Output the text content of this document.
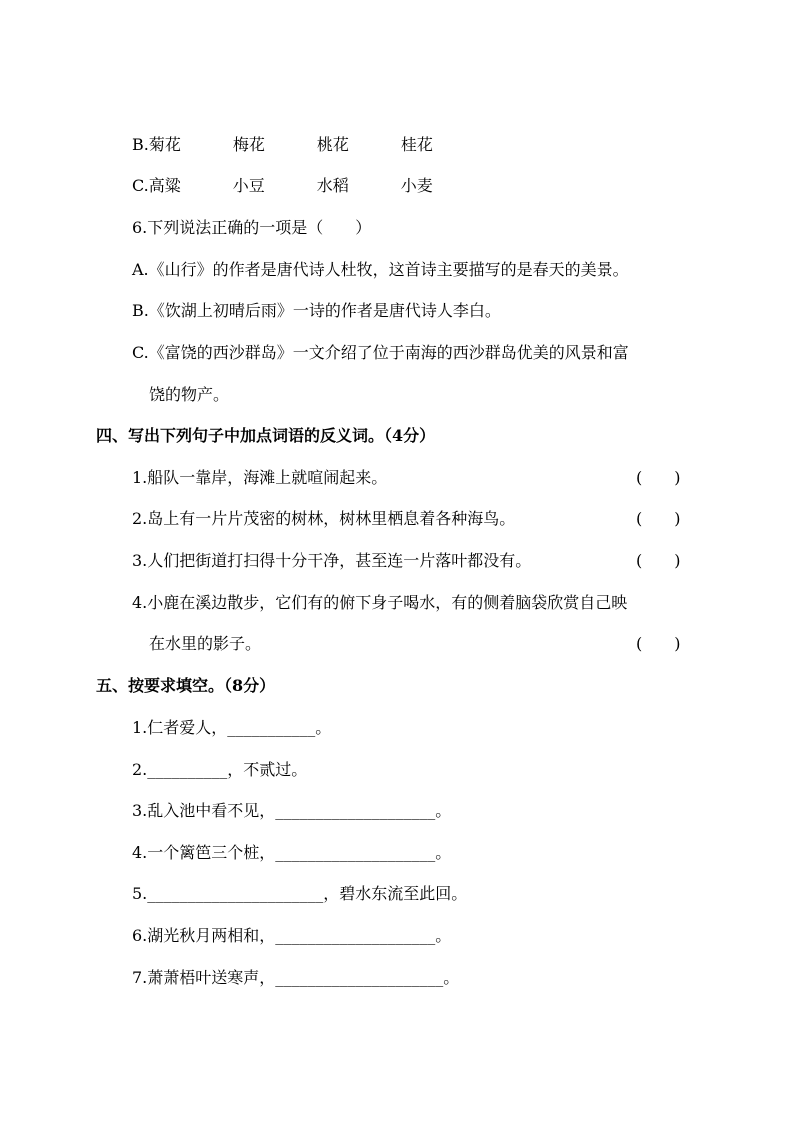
B.菊花	梅花	桃花	桂花
C.高粱	小豆	水稻	小麦
6.下列说法正确的一项是（　　）
A.《山行》的作者是唐代诗人杜牧，这首诗主要描写的是春天的美景。
B.《饮湖上初晴后雨》一诗的作者是唐代诗人李白。
C.《富饶的西沙群岛》一文介绍了位于南海的西沙群岛优美的风景和富
饶的物产。
四、写出下列句子中加点词语的反义词。（4分）
1.船队一靠岸，海滩上就喧闹起来。	(　　)
2.岛上有一片片茂密的树林，树林里栖息着各种海鸟。	(　　)
3.人们把街道打扫得十分干净，甚至连一片落叶都没有。	(　　)
4.小鹿在溪边散步，它们有的俯下身子喝水，有的侧着脑袋欣赏自己映
在水里的影子。	(　　)
五、按要求填空。（8分）
1.仁者爱人，___________。
2.__________，不贰过。
3.乱入池中看不见，____________________。
4.一个篱笆三个桩，____________________。
5.______________________，碧水东流至此回。
6.湖光秋月两相和，____________________。
7.萧萧梧叶送寒声，_____________________。
